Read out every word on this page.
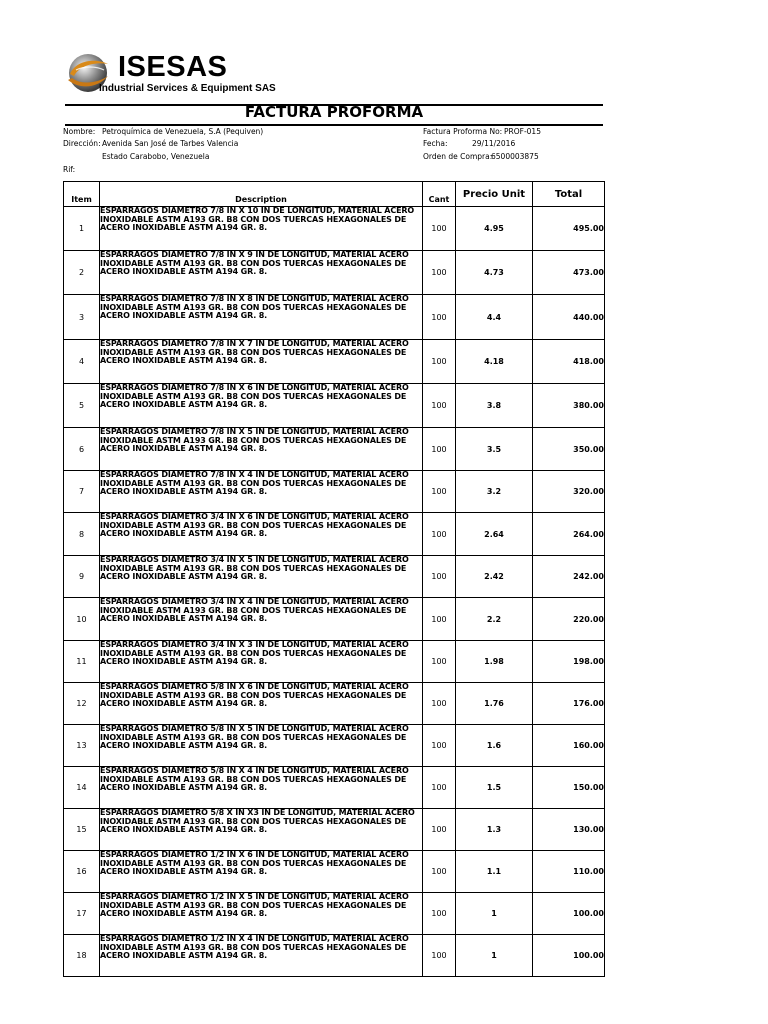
ISESAS
Industrial Services & Equipment SAS
FACTURA PROFORMA
Nombre: Petroquímica de Venezuela, S.A (Pequiven)
Dirección: Avenida San José de Tarbes Valencia
Estado Carabobo, Venezuela
Rif:
Factura Proforma No: PROF-015
Fecha:	29/11/2016
Orden de Compra:
6500003875
Item	Description	Cant	Precio Unit	Total
1	ESPARRAGOS DIAMETRO 7/8 IN X 10 IN DE LONGITUD, MATERIAL ACERO INOXIDABLE ASTM A193 GR. B8 CON DOS TUERCAS HEXAGONALES DE ACERO INOXIDABLE ASTM A194 GR. 8.	100	4.95	495.00
2	ESPARRAGOS DIAMETRO 7/8 IN X 9 IN DE LONGITUD, MATERIAL ACERO INOXIDABLE ASTM A193 GR. B8 CON DOS TUERCAS HEXAGONALES DE ACERO INOXIDABLE ASTM A194 GR. 8.	100	4.73	473.00
3	ESPARRAGOS DIAMETRO 7/8 IN X 8 IN DE LONGITUD, MATERIAL ACERO INOXIDABLE ASTM A193 GR. B8 CON DOS TUERCAS HEXAGONALES DE ACERO INOXIDABLE ASTM A194 GR. 8.	100	4.4	440.00
4	ESPARRAGOS DIAMETRO 7/8 IN X 7 IN DE LONGITUD, MATERIAL ACERO INOXIDABLE ASTM A193 GR. B8 CON DOS TUERCAS HEXAGONALES DE ACERO INOXIDABLE ASTM A194 GR. 8.	100	4.18	418.00
5	ESPARRAGOS DIAMETRO 7/8 IN X 6 IN DE LONGITUD, MATERIAL ACERO INOXIDABLE ASTM A193 GR. B8 CON DOS TUERCAS HEXAGONALES DE ACERO INOXIDABLE ASTM A194 GR. 8.	100	3.8	380.00
6	ESPARRAGOS DIAMETRO 7/8 IN X 5 IN DE LONGITUD, MATERIAL ACERO INOXIDABLE ASTM A193 GR. B8 CON DOS TUERCAS HEXAGONALES DE ACERO INOXIDABLE ASTM A194 GR. 8.	100	3.5	350.00
7	ESPARRAGOS DIAMETRO 7/8 IN X 4 IN DE LONGITUD, MATERIAL ACERO INOXIDABLE ASTM A193 GR. B8 CON DOS TUERCAS HEXAGONALES DE ACERO INOXIDABLE ASTM A194 GR. 8.	100	3.2	320.00
8	ESPARRAGOS DIAMETRO 3/4 IN X 6 IN DE LONGITUD, MATERIAL ACERO INOXIDABLE ASTM A193 GR. B8 CON DOS TUERCAS HEXAGONALES DE ACERO INOXIDABLE ASTM A194 GR. 8.	100	2.64	264.00
9	ESPARRAGOS DIAMETRO 3/4 IN X 5 IN DE LONGITUD, MATERIAL ACERO INOXIDABLE ASTM A193 GR. B8 CON DOS TUERCAS HEXAGONALES DE ACERO INOXIDABLE ASTM A194 GR. 8.	100	2.42	242.00
10	ESPARRAGOS DIAMETRO 3/4 IN X 4 IN DE LONGITUD, MATERIAL ACERO INOXIDABLE ASTM A193 GR. B8 CON DOS TUERCAS HEXAGONALES DE ACERO INOXIDABLE ASTM A194 GR. 8.	100	2.2	220.00
11	ESPARRAGOS DIAMETRO 3/4 IN X 3 IN DE LONGITUD, MATERIAL ACERO INOXIDABLE ASTM A193 GR. B8 CON DOS TUERCAS HEXAGONALES DE ACERO INOXIDABLE ASTM A194 GR. 8.	100	1.98	198.00
12	ESPARRAGOS DIAMETRO 5/8 IN X 6 IN DE LONGITUD, MATERIAL ACERO INOXIDABLE ASTM A193 GR. B8 CON DOS TUERCAS HEXAGONALES DE ACERO INOXIDABLE ASTM A194 GR. 8.	100	1.76	176.00
13	ESPARRAGOS DIAMETRO 5/8 IN X 5 IN DE LONGITUD, MATERIAL ACERO INOXIDABLE ASTM A193 GR. B8 CON DOS TUERCAS HEXAGONALES DE ACERO INOXIDABLE ASTM A194 GR. 8.	100	1.6	160.00
14	ESPARRAGOS DIAMETRO 5/8 IN X 4 IN DE LONGITUD, MATERIAL ACERO INOXIDABLE ASTM A193 GR. B8 CON DOS TUERCAS HEXAGONALES DE ACERO INOXIDABLE ASTM A194 GR. 8.	100	1.5	150.00
15	ESPARRAGOS DIAMETRO 5/8 X IN X3 IN DE LONGITUD, MATERIAL ACERO INOXIDABLE ASTM A193 GR. B8 CON DOS TUERCAS HEXAGONALES DE ACERO INOXIDABLE ASTM A194 GR. 8.	100	1.3	130.00
16	ESPARRAGOS DIAMETRO 1/2 IN X 6 IN DE LONGITUD, MATERIAL ACERO INOXIDABLE ASTM A193 GR. B8 CON DOS TUERCAS HEXAGONALES DE ACERO INOXIDABLE ASTM A194 GR. 8.	100	1.1	110.00
17	ESPARRAGOS DIAMETRO 1/2 IN X 5 IN DE LONGITUD, MATERIAL ACERO INOXIDABLE ASTM A193 GR. B8 CON DOS TUERCAS HEXAGONALES DE ACERO INOXIDABLE ASTM A194 GR. 8.	100	1	100.00
18	ESPARRAGOS DIAMETRO 1/2 IN X 4 IN DE LONGITUD, MATERIAL ACERO INOXIDABLE ASTM A193 GR. B8 CON DOS TUERCAS HEXAGONALES DE ACERO INOXIDABLE ASTM A194 GR. 8.	100	1	100.00
